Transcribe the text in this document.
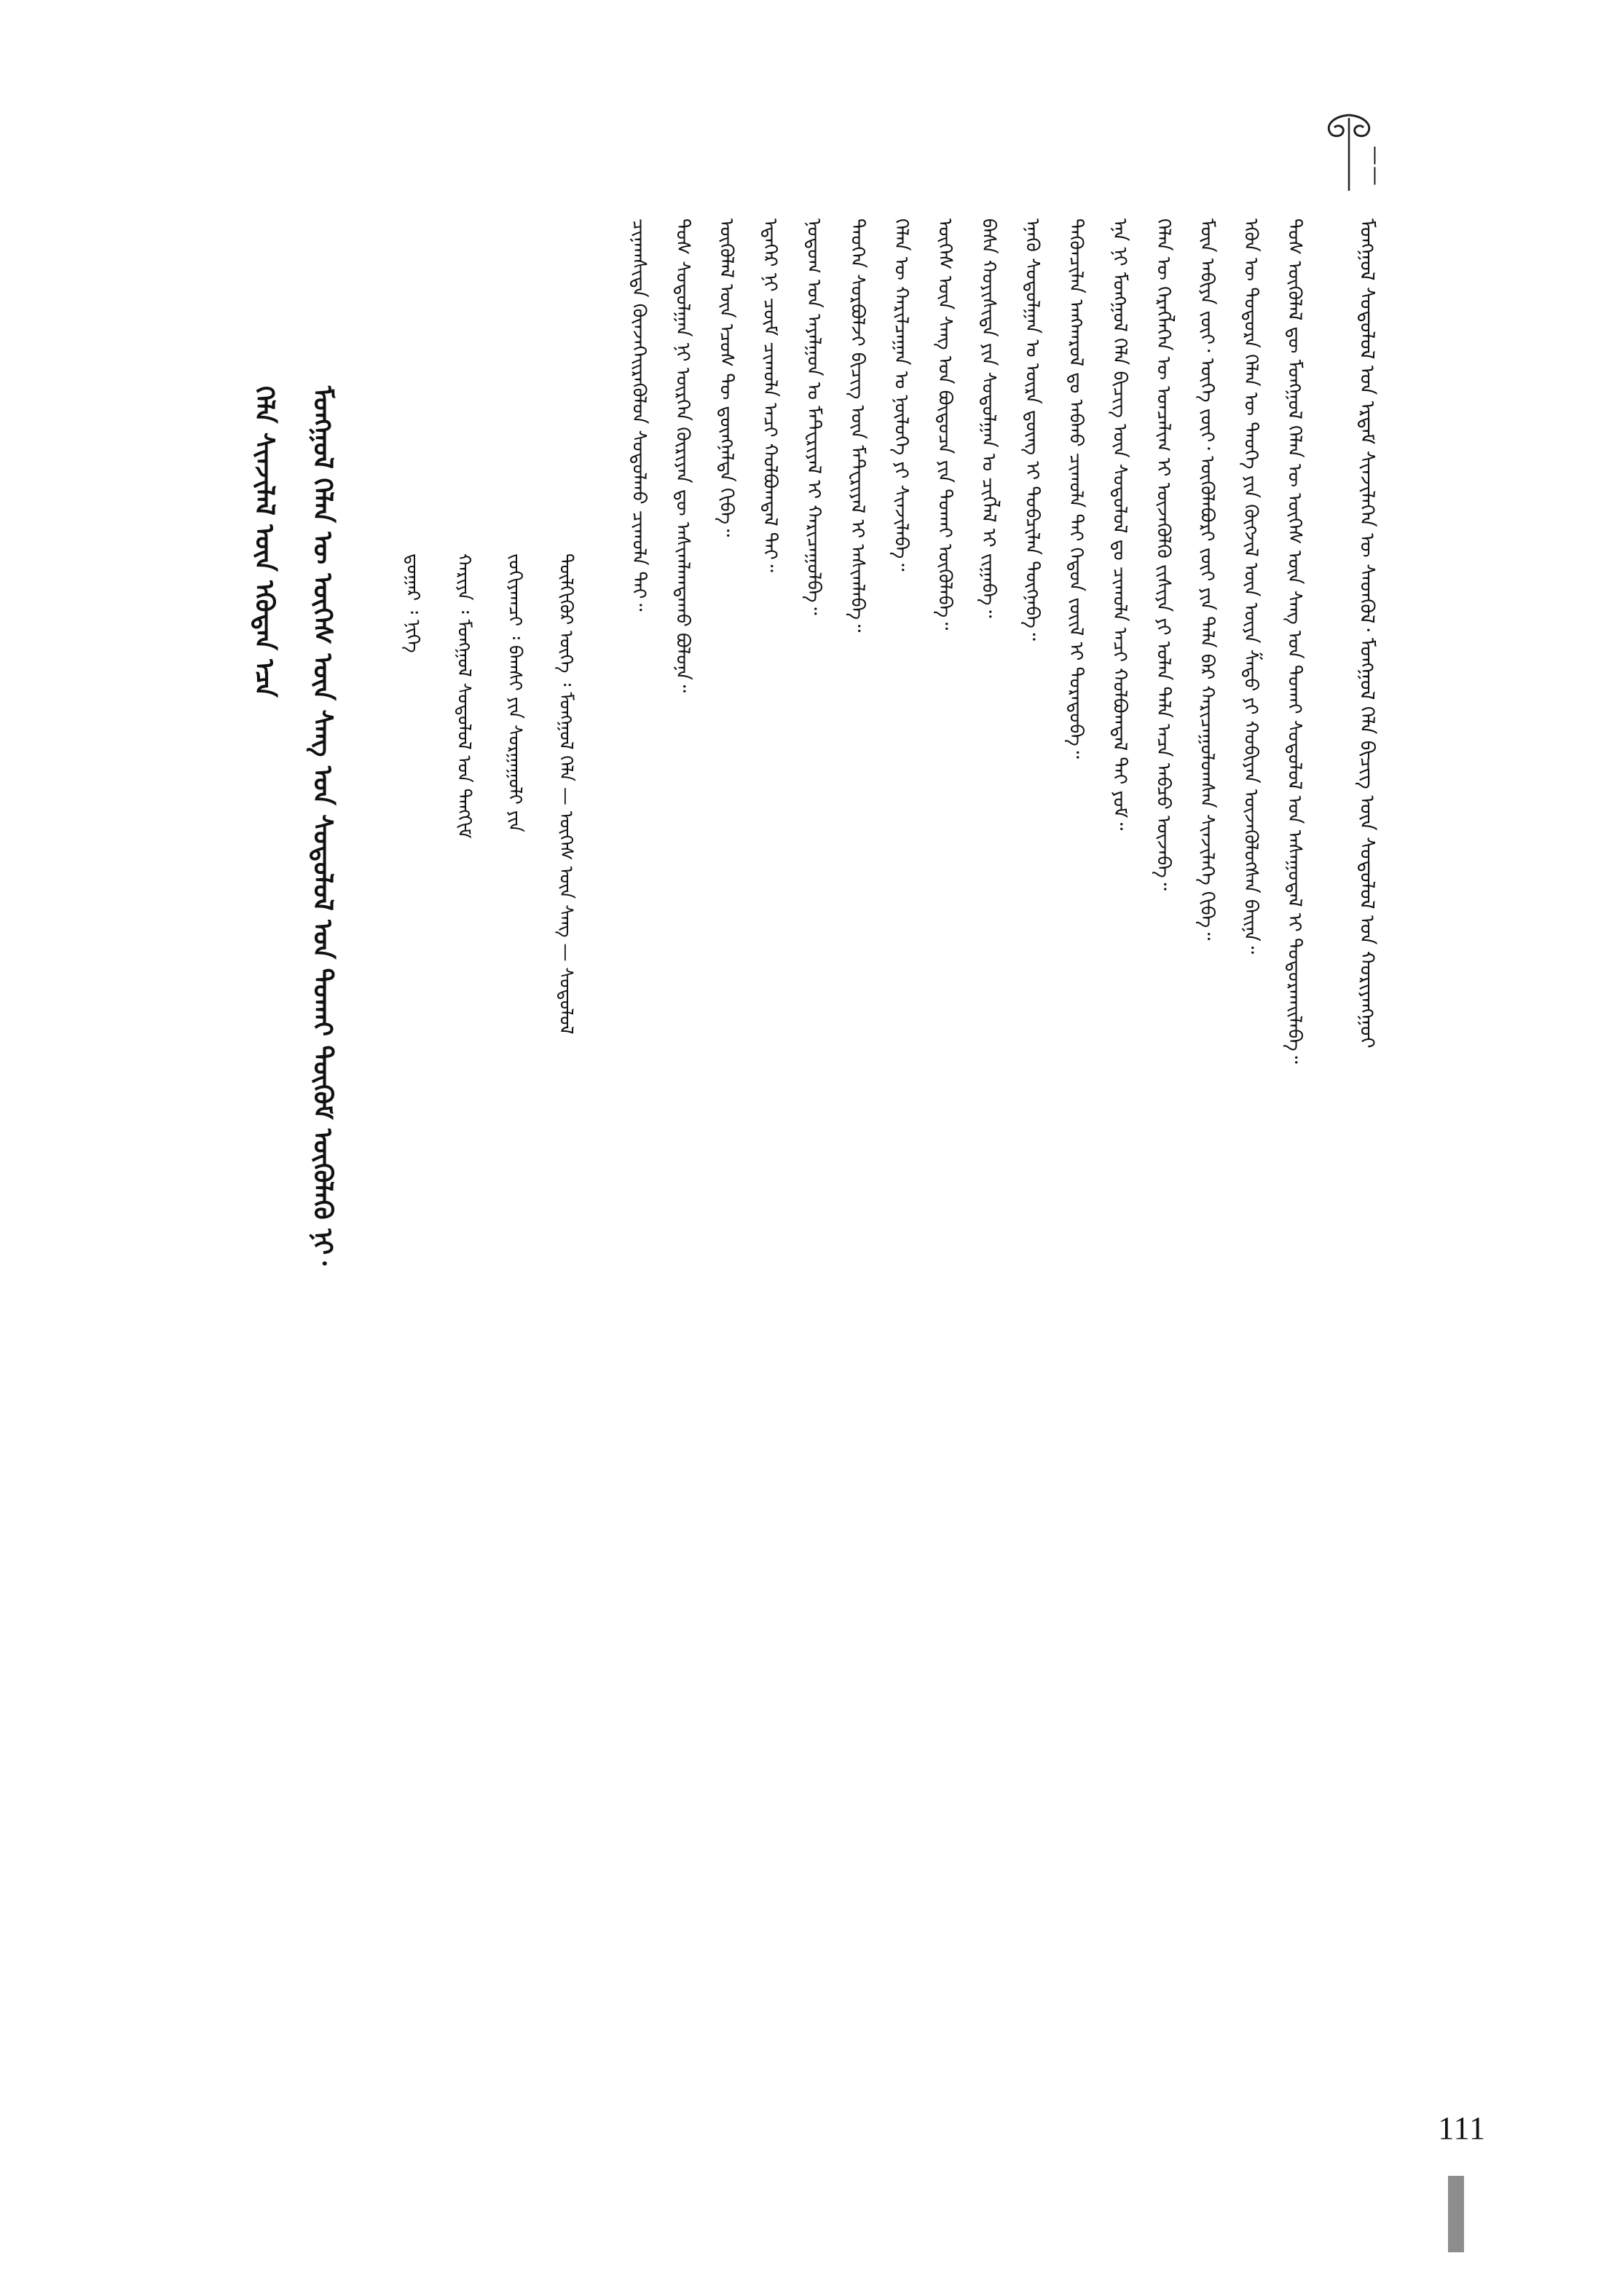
ᠮᠣᠩᠭᠤᠯ ᠰᠤᠳᠤᠯᠤᠯ ᠤᠨ ᠡᠷᠳᠡᠮ ᠰᠢᠨᠵᠢᠯᠡᠭᠡᠨ ᠦ ᠰᠡᠳᠬᠦᠯ᠂ ᠮᠣᠩᠭᠤᠯ ᠬᠡᠯᠡ ᠪᠢᠴᠢᠭ ᠦᠨ ᠰᠤᠳᠤᠯᠤᠯ ᠤᠨ ᠬᠤᠷᠢᠶᠠᠩᠭᠤᠢ
——
ᠲᠤᠰ ᠥᠭᠦᠯᠡᠯ ᠳᠦ ᠮᠣᠩᠭᠤᠯ ᠬᠡᠯᠡᠨ ᠦ ᠦᠭᠡᠰ ᠦᠨ ᠰᠠᠩ ᠤᠨ ᠲᠤᠬᠠᠢ ᠰᠤᠳᠤᠯᠤᠯ ᠤᠨ ᠠᠰᠠᠭᠤᠳᠠᠯ ᠢ ᠲᠣᠳᠤᠷᠬᠠᠢᠯᠠᠪᠠ᠃
ᠡᠭᠦᠨ ᠦ ᠳᠣᠲᠤᠷᠠ ᠬᠡᠯᠡᠨ ᠦ ᠲᠡᠦᠬᠡ ᠶᠢᠨ ᠬᠥᠭᠵᠢᠯ ᠦᠨ ᠦᠶᠡ ᠱᠠᠲᠤ ᠶᠢ ᠬᠤᠪᠢᠶᠠᠨ ᠦᠵᠡᠭᠦᠯᠦᠭᠰᠡᠨ ᠪᠠᠢᠨᠠ᠃
ᠮᠥᠨ ᠠᠪᠢᠶᠠ ᠵᠦᠢ᠂ ᠦᠭᠡ ᠵᠦᠢ᠂ ᠥᠭᠦᠯᠡᠪᠦᠷᠢ ᠵᠦᠢ ᠶᠢᠨ ᠲᠠᠯᠠ ᠪᠠᠷ ᠬᠠᠷᠢᠴᠠᠭᠤᠯᠤᠭᠰᠠᠨ ᠰᠢᠨᠵᠢᠯᠡᠭᠡ ᠬᠢᠪᠡ᠃
ᠬᠡᠯᠡᠨ ᠦ ᠬᠡᠷᠡᠭᠯᠡᠭᠡᠨ ᠦ ᠣᠨᠴᠠᠯᠢᠭ ᠢ ᠦᠵᠡᠭᠦᠯᠬᠦ ᠵᠢᠱᠢᠶᠡ ᠶᠢ ᠣᠯᠠᠨ ᠲᠠᠯᠠ ᠠᠴᠠ ᠠᠪᠴᠤ ᠦᠵᠡᠪᠡ᠃
ᠡᠨᠡ ᠨᠢ ᠮᠣᠩᠭᠤᠯ ᠬᠡᠯᠡ ᠪᠢᠴᠢᠭ ᠦᠨ ᠰᠤᠳᠤᠯᠤᠯ ᠳᠤ ᠴᠢᠬᠤᠯᠠ ᠠᠴᠢ ᠬᠣᠯᠪᠤᠭᠳᠠᠯ ᠲᠠᠢ ᠶᠤᠮ᠃
ᠲᠡᠭᠦᠨᠴᠢᠯᠡᠨ ᠠᠩᠬᠠᠷᠤᠯ ᠳᠤ ᠠᠪᠬᠤ ᠴᠢᠬᠤᠯᠠ ᠲᠠᠢ ᠬᠡᠳᠦᠨ ᠵᠦᠢᠯ ᠢ ᠳᠤᠷᠠᠳᠤᠪᠠ᠃
ᠡᠨᠡᠬᠦ ᠰᠤᠳᠤᠯᠭᠠᠨ ᠤ ᠦᠷᠡ ᠳ᠋ᠦᠩ ᠢ ᠲᠣᠪᠴᠢᠯᠠᠨ ᠳᠦᠭᠨᠡᠪᠡ᠃
ᠪᠠᠰᠠ ᠬᠣᠶᠢᠰᠢᠳᠠ ᠶᠢᠨ ᠰᠤᠳᠤᠯᠭᠠᠨ ᠤ ᠴᠢᠭᠯᠡᠯ ᠢ ᠵᠢᠭᠠᠪᠠ᠃
ᠦᠭᠡᠰ ᠦᠨ ᠰᠠᠩ ᠤᠨ ᠪᠦᠲᠦᠴᠡ ᠶᠢᠨ ᠲᠤᠬᠠᠢ ᠥᠭᠦᠯᠡᠪᠡ᠃
ᠬᠡᠯᠡᠨ ᠦ ᠬᠠᠷᠢᠯᠴᠠᠭᠠᠨ ᠤ ᠨᠥᠯᠦᠭᠡ ᠶᠢ ᠰᠢᠨᠵᠢᠯᠡᠪᠡ᠃
ᠲᠡᠦᠬᠡᠨ ᠰᠤᠷᠪᠤᠯᠵᠢ ᠪᠢᠴᠢᠭ ᠦᠨ ᠮᠠᠲ᠋ᠧᠷᠢᠶᠠᠯ ᠢ ᠠᠰᠢᠭᠯᠠᠪᠠ᠃
ᠨᠤᠲᠤᠭ ᠤᠨ ᠠᠶᠠᠯᠭᠤᠨ ᠤ ᠮᠠᠲ᠋ᠧᠷᠢᠶᠠᠯ ᠢ ᠬᠠᠷᠢᠴᠠᠭᠤᠯᠪᠠ᠃
ᠡᠳᠡᠭᠡᠷ ᠨᠢ ᠴᠥᠮ ᠴᠢᠬᠤᠯᠠ ᠠᠴᠢ ᠬᠣᠯᠪᠤᠭᠳᠠᠯ ᠲᠠᠢ᠃
ᠥᠭᠦᠯᠡᠯ ᠦᠨ ᠡᠴᠦᠰ ᠲᠦ ᠳ᠋ᠦᠩᠨᠡᠯᠲᠡ ᠬᠢᠪᠡ᠃
ᠲᠤᠰ ᠰᠤᠳᠤᠯᠭᠠᠨ ᠨᠢ ᠥᠷᠭᠡᠨ ᠬᠦᠷᠢᠶᠡᠨ ᠳᠦ ᠠᠰᠢᠭᠯᠠᠭᠳᠠᠬᠤ ᠪᠣᠯᠤᠨᠠ᠃
ᠴᠢᠨᠠᠭᠰᠢᠳᠠ ᠭᠦᠨᠵᠡᠭᠡᠢᠷᠡᠭᠦᠯᠦᠨ ᠰᠤᠳᠤᠯᠬᠤ ᠴᠢᠬᠤᠯᠠ ᠲᠠᠢ᠃
ᠲᠦᠯᠬᠢᠭᠦᠷ ᠦᠭᠡ ᠄ ᠮᠣᠩᠭᠤᠯ ᠬᠡᠯᠡ — ᠦᠭᠡᠰ ᠦᠨ ᠰᠠᠩ — ᠰᠤᠳᠤᠯᠤᠯ
ᠵᠣᠬᠢᠶᠠᠭᠴᠢ ᠄ ᠪᠠᠭᠰᠢ ᠶᠢᠨ ᠰᠤᠷᠭᠠᠭᠤᠯᠢ ᠶᠢᠨ
ᠬᠠᠷᠢᠶᠠ ᠄ ᠮᠣᠩᠭᠤᠯ ᠰᠤᠳᠤᠯᠤᠯ ᠤᠨ ᠲᠡᠩᠬᠢᠮ
ᠳ᠋ᠤᠭᠠᠷ ᠄ ᠨᠢᠭᠡ
ᠮᠣᠩᠭᠤᠯ ᠬᠡᠯᠡᠨ ᠦ ᠦᠭᠡᠰ ᠦᠨ ᠰᠠᠩ ᠤᠨ ᠰᠤᠳᠤᠯᠤᠯ ᠤᠨ ᠲᠤᠬᠠᠢ ᠳᠦᠭᠦᠮ ᠥᠭᠦᠯᠡᠬᠦ ᠨᠢ᠂
ᠬᠡᠯᠡ ᠰᠢᠨᠵᠢᠯᠡᠯ ᠦᠨ ᠡᠭᠦᠳᠡᠨ ᠡᠴᠡ
111
